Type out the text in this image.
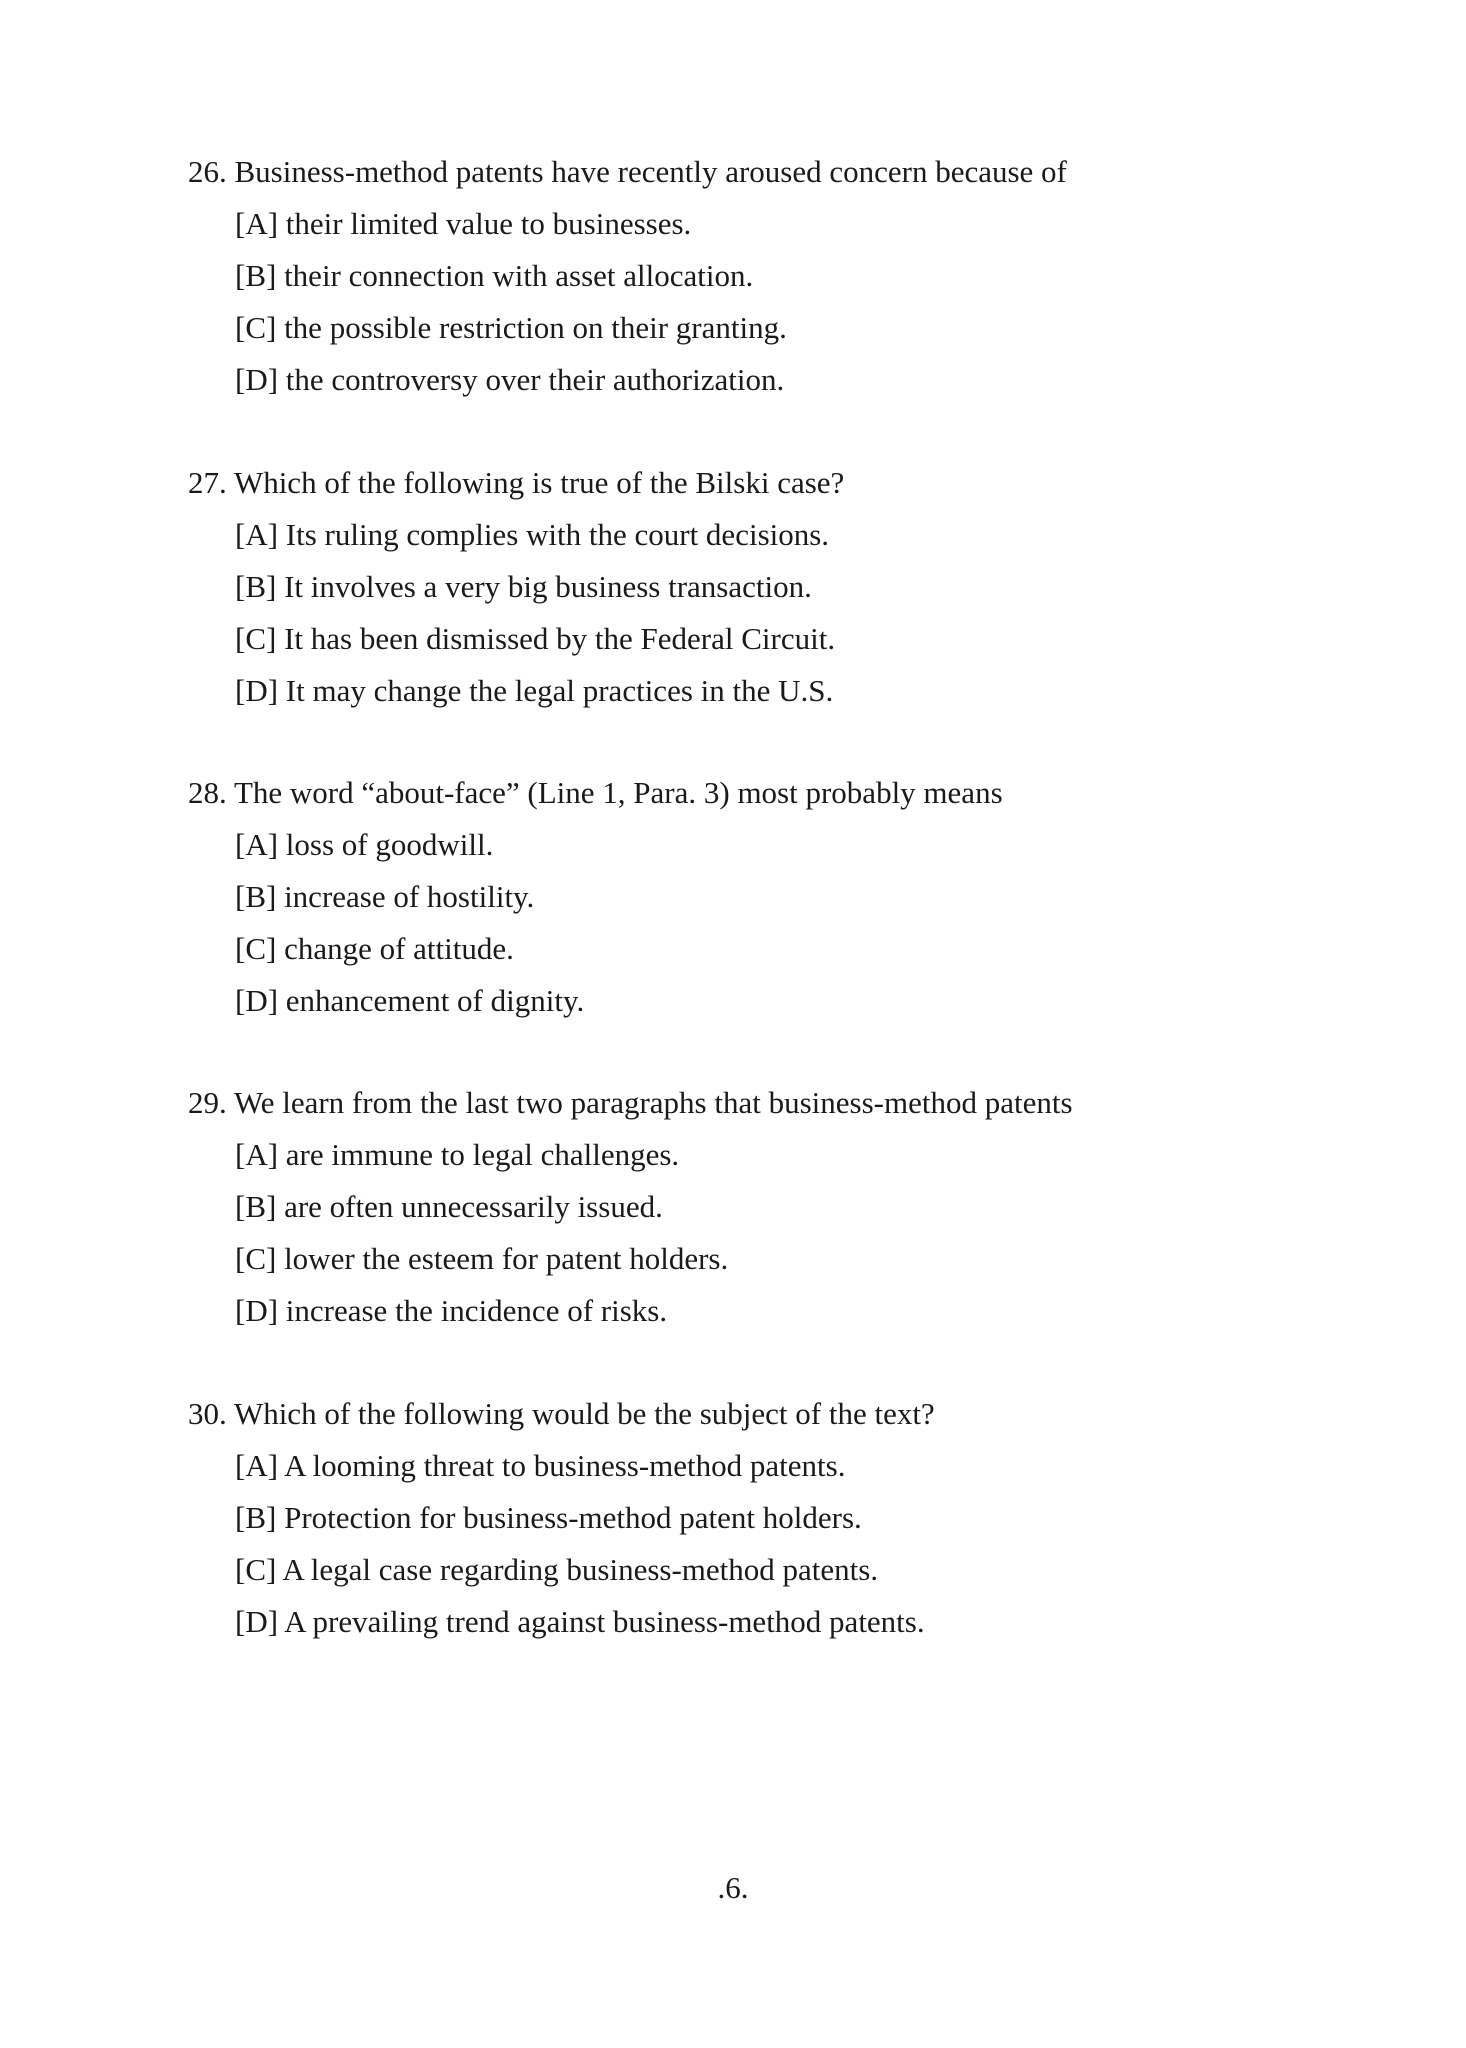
26. Business-method patents have recently aroused concern because of
[A] their limited value to businesses.
[B] their connection with asset allocation.
[C] the possible restriction on their granting.
[D] the controversy over their authorization.
27. Which of the following is true of the Bilski case?
[A] Its ruling complies with the court decisions.
[B] It involves a very big business transaction.
[C] It has been dismissed by the Federal Circuit.
[D] It may change the legal practices in the U.S.
28. The word “about-face” (Line 1, Para. 3) most probably means
[A] loss of goodwill.
[B] increase of hostility.
[C] change of attitude.
[D] enhancement of dignity.
29. We learn from the last two paragraphs that business-method patents
[A] are immune to legal challenges.
[B] are often unnecessarily issued.
[C] lower the esteem for patent holders.
[D] increase the incidence of risks.
30. Which of the following would be the subject of the text?
[A] A looming threat to business-method patents.
[B] Protection for business-method patent holders.
[C] A legal case regarding business-method patents.
[D] A prevailing trend against business-method patents.
.6.
